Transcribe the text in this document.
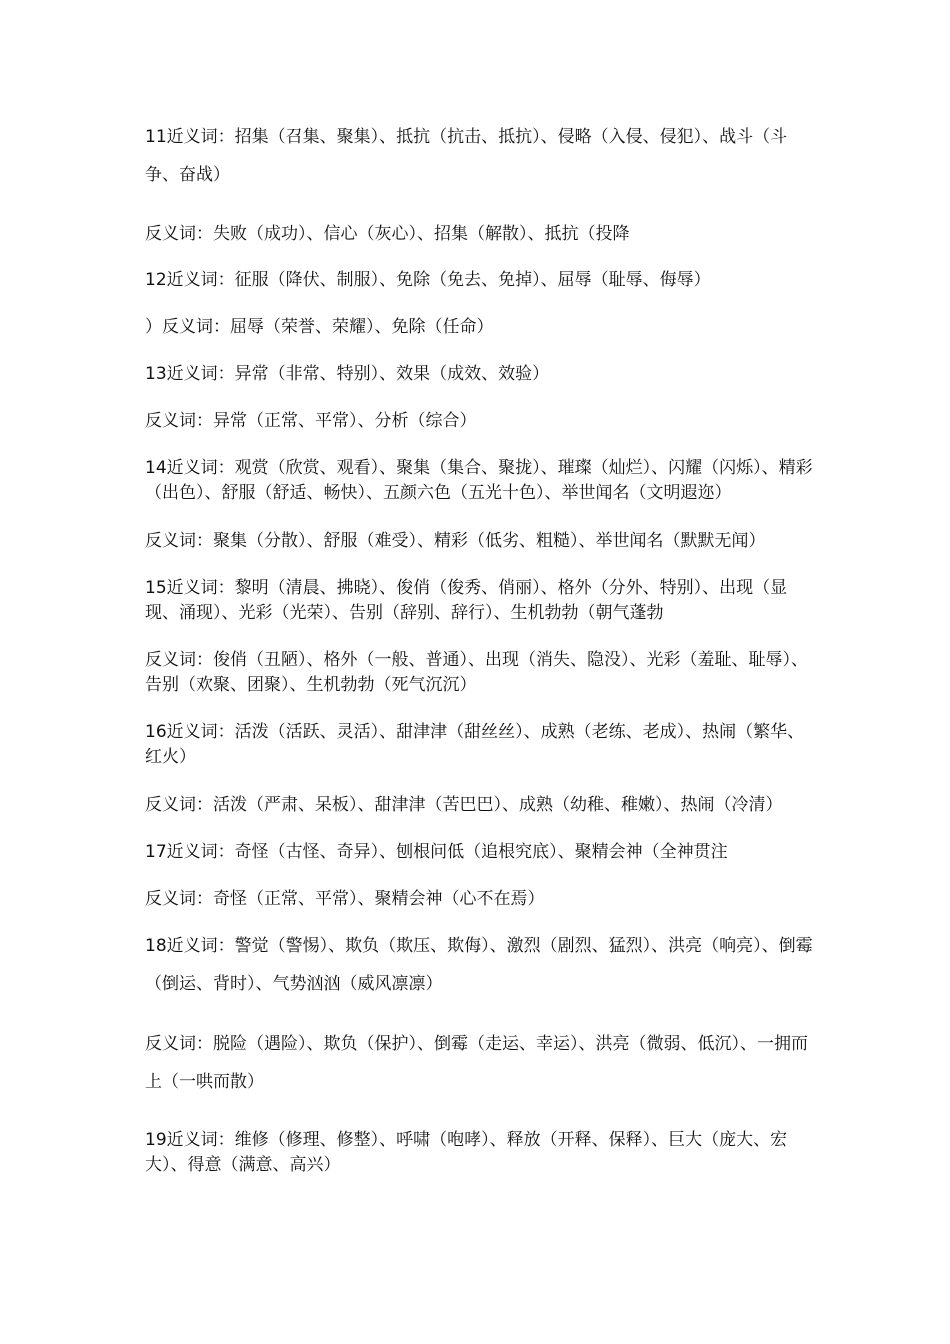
11近义词：招集（召集、聚集）、抵抗（抗击、抵抗）、侵略（入侵、侵犯）、战斗（斗争、奋战）

反义词：失败（成功）、信心（灰心）、招集（解散）、抵抗（投降

12近义词：征服（降伏、制服）、免除（免去、免掉）、屈辱（耻辱、侮辱）

）反义词：屈辱（荣誉、荣耀）、免除（任命）

13近义词：异常（非常、特别）、效果（成效、效验）

反义词：异常（正常、平常）、分析（综合）

14近义词：观赏（欣赏、观看）、聚集（集合、聚拢）、璀璨（灿烂）、闪耀（闪烁）、精彩（出色）、舒服（舒适、畅快）、五颜六色（五光十色）、举世闻名（文明遐迩）

反义词：聚集（分散）、舒服（难受）、精彩（低劣、粗糙）、举世闻名（默默无闻）

15近义词：黎明（清晨、拂晓）、俊俏（俊秀、俏丽）、格外（分外、特别）、出现（显现、涌现）、光彩（光荣）、告别（辞别、辞行）、生机勃勃（朝气蓬勃

反义词：俊俏（丑陋）、格外（一般、普通）、出现（消失、隐没）、光彩（羞耻、耻辱）、告别（欢聚、团聚）、生机勃勃（死气沉沉）

16近义词：活泼（活跃、灵活）、甜津津（甜丝丝）、成熟（老练、老成）、热闹（繁华、红火）

反义词：活泼（严肃、呆板）、甜津津（苦巴巴）、成熟（幼稚、稚嫩）、热闹（冷清）

17近义词：奇怪（古怪、奇异）、刨根问低（追根究底）、聚精会神（全神贯注

反义词：奇怪（正常、平常）、聚精会神（心不在焉）

18近义词：警觉（警惕）、欺负（欺压、欺侮）、激烈（剧烈、猛烈）、洪亮（响亮）、倒霉（倒运、背时）、气势汹汹（威风凛凛）

反义词：脱险（遇险）、欺负（保护）、倒霉（走运、幸运）、洪亮（微弱、低沉）、一拥而上（一哄而散）

19近义词：维修（修理、修整）、呼啸（咆哮）、释放（开释、保释）、巨大（庞大、宏大）、得意（满意、高兴）
